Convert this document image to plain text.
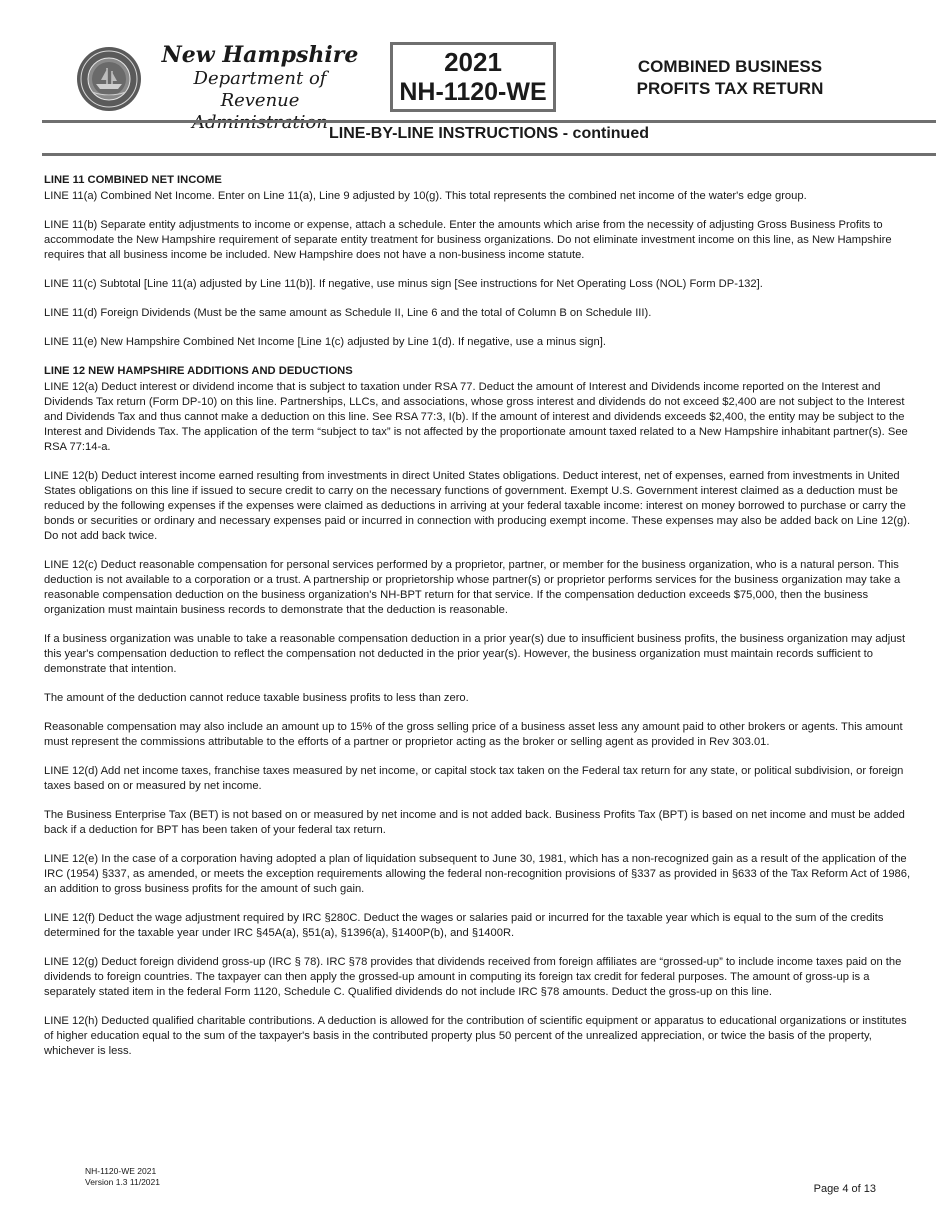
New Hampshire
Department of
Revenue
2021
NH-1120-WE
COMBINED BUSINESS
PROFITS TAX RETURN
LINE-BY-LINE INSTRUCTIONS - continued

LINE 11 COMBINED NET INCOME

LINE 11(a) Combined Net Income. Enter on Line 11(a), Line 9 adjusted by 10(g). This total represents the combined net income of the water's edge group.

LINE 11(b) Separate entity adjustments to income or expense, attach a schedule. Enter the amounts which arise from the necessity of adjusting Gross Business Profits to accommodate the New Hampshire requirement of separate entity treatment for business organizations. Do not eliminate investment income on this line, as New Hampshire requires that all business income be included. New Hampshire does not have a non-business income statute.

LINE 11(c) Subtotal [Line 11(a) adjusted by Line 11(b)]. If negative, use minus sign [See instructions for Net Operating Loss (NOL) Form DP-132].

LINE 11(d) Foreign Dividends (Must be the same amount as Schedule II, Line 6 and the total of Column B on Schedule III).

LINE 11(e) New Hampshire Combined Net Income [Line 1(c) adjusted by Line 1(d). If negative, use a minus sign].

LINE 12 NEW HAMPSHIRE ADDITIONS AND DEDUCTIONS

LINE 12(a) Deduct interest or dividend income that is subject to taxation under RSA 77. Deduct the amount of Interest and Dividends income reported on the Interest and Dividends Tax return (Form DP-10) on this line. Partnerships, LLCs, and associations, whose gross interest and dividends do not exceed $2,400 are not subject to the Interest and Dividends Tax and thus cannot make a deduction on this line. See RSA 77:3, I(b). If the amount of interest and dividends exceeds $2,400, the entity may be subject to the Interest and Dividends Tax. The application of the term “subject to tax” is not affected by the proportionate amount taxed related to a New Hampshire inhabitant partner(s). See RSA 77:14-a.

LINE 12(b) Deduct interest income earned resulting from investments in direct United States obligations. Deduct interest, net of expenses, earned from investments in United States obligations on this line if issued to secure credit to carry on the necessary functions of government. Exempt U.S. Government interest claimed as a deduction must be reduced by the following expenses if the expenses were claimed as deductions in arriving at your federal taxable income: interest on money borrowed to purchase or carry the bonds or securities or ordinary and necessary expenses paid or incurred in connection with producing exempt income. These expenses may also be added back on Line 12(g). Do not add back twice.

LINE 12(c) Deduct reasonable compensation for personal services performed by a proprietor, partner, or member for the business organization, who is a natural person. This deduction is not available to a corporation or a trust. A partnership or proprietorship whose partner(s) or proprietor performs services for the business organization may take a reasonable compensation deduction on the business organization's NH-BPT return for that service. If the compensation deduction exceeds $75,000, then the business organization must maintain business records to demonstrate that the deduction is reasonable.

If a business organization was unable to take a reasonable compensation deduction in a prior year(s) due to insufficient business profits, the business organization may adjust this year's compensation deduction to reflect the compensation not deducted in the prior year(s). However, the business organization must maintain records sufficient to demonstrate that intention.

The amount of the deduction cannot reduce taxable business profits to less than zero.

Reasonable compensation may also include an amount up to 15% of the gross selling price of a business asset less any amount paid to other brokers or agents. This amount must represent the commissions attributable to the efforts of a partner or proprietor acting as the broker or selling agent as provided in Rev 303.01.

LINE 12(d) Add net income taxes, franchise taxes measured by net income, or capital stock tax taken on the Federal tax return for any state, or political subdivision, or foreign taxes based on or measured by net income.

The Business Enterprise Tax (BET) is not based on or measured by net income and is not added back. Business Profits Tax (BPT) is based on net income and must be added back if a deduction for BPT has been taken of your federal tax return.

LINE 12(e) In the case of a corporation having adopted a plan of liquidation subsequent to June 30, 1981, which has a non-recognized gain as a result of the application of the IRC (1954) §337, as amended, or meets the exception requirements allowing the federal non-recognition provisions of §337 as provided in §633 of the Tax Reform Act of 1986, an addition to gross business profits for the amount of such gain.

LINE 12(f) Deduct the wage adjustment required by IRC §280C. Deduct the wages or salaries paid or incurred for the taxable year which is equal to the sum of the credits determined for the taxable year under IRC §45A(a), §51(a), §1396(a), §1400P(b), and §1400R.

LINE 12(g) Deduct foreign dividend gross-up (IRC § 78). IRC §78 provides that dividends received from foreign affiliates are “grossed-up” to include income taxes paid on the dividends to foreign countries. The taxpayer can then apply the grossed-up amount in computing its foreign tax credit for federal purposes. The amount of gross-up is a separately stated item in the federal Form 1120, Schedule C. Qualified dividends do not include IRC §78 amounts. Deduct the gross-up on this line.

LINE 12(h) Deducted qualified charitable contributions. A deduction is allowed for the contribution of scientific equipment or apparatus to educational organizations or institutes of higher education equal to the sum of the taxpayer's basis in the contributed property plus 50 percent of the unrealized appreciation, or twice the basis of the property, whichever is less.

NH-1120-WE 2021
Version 1.3 11/2021
Page 4 of 13
